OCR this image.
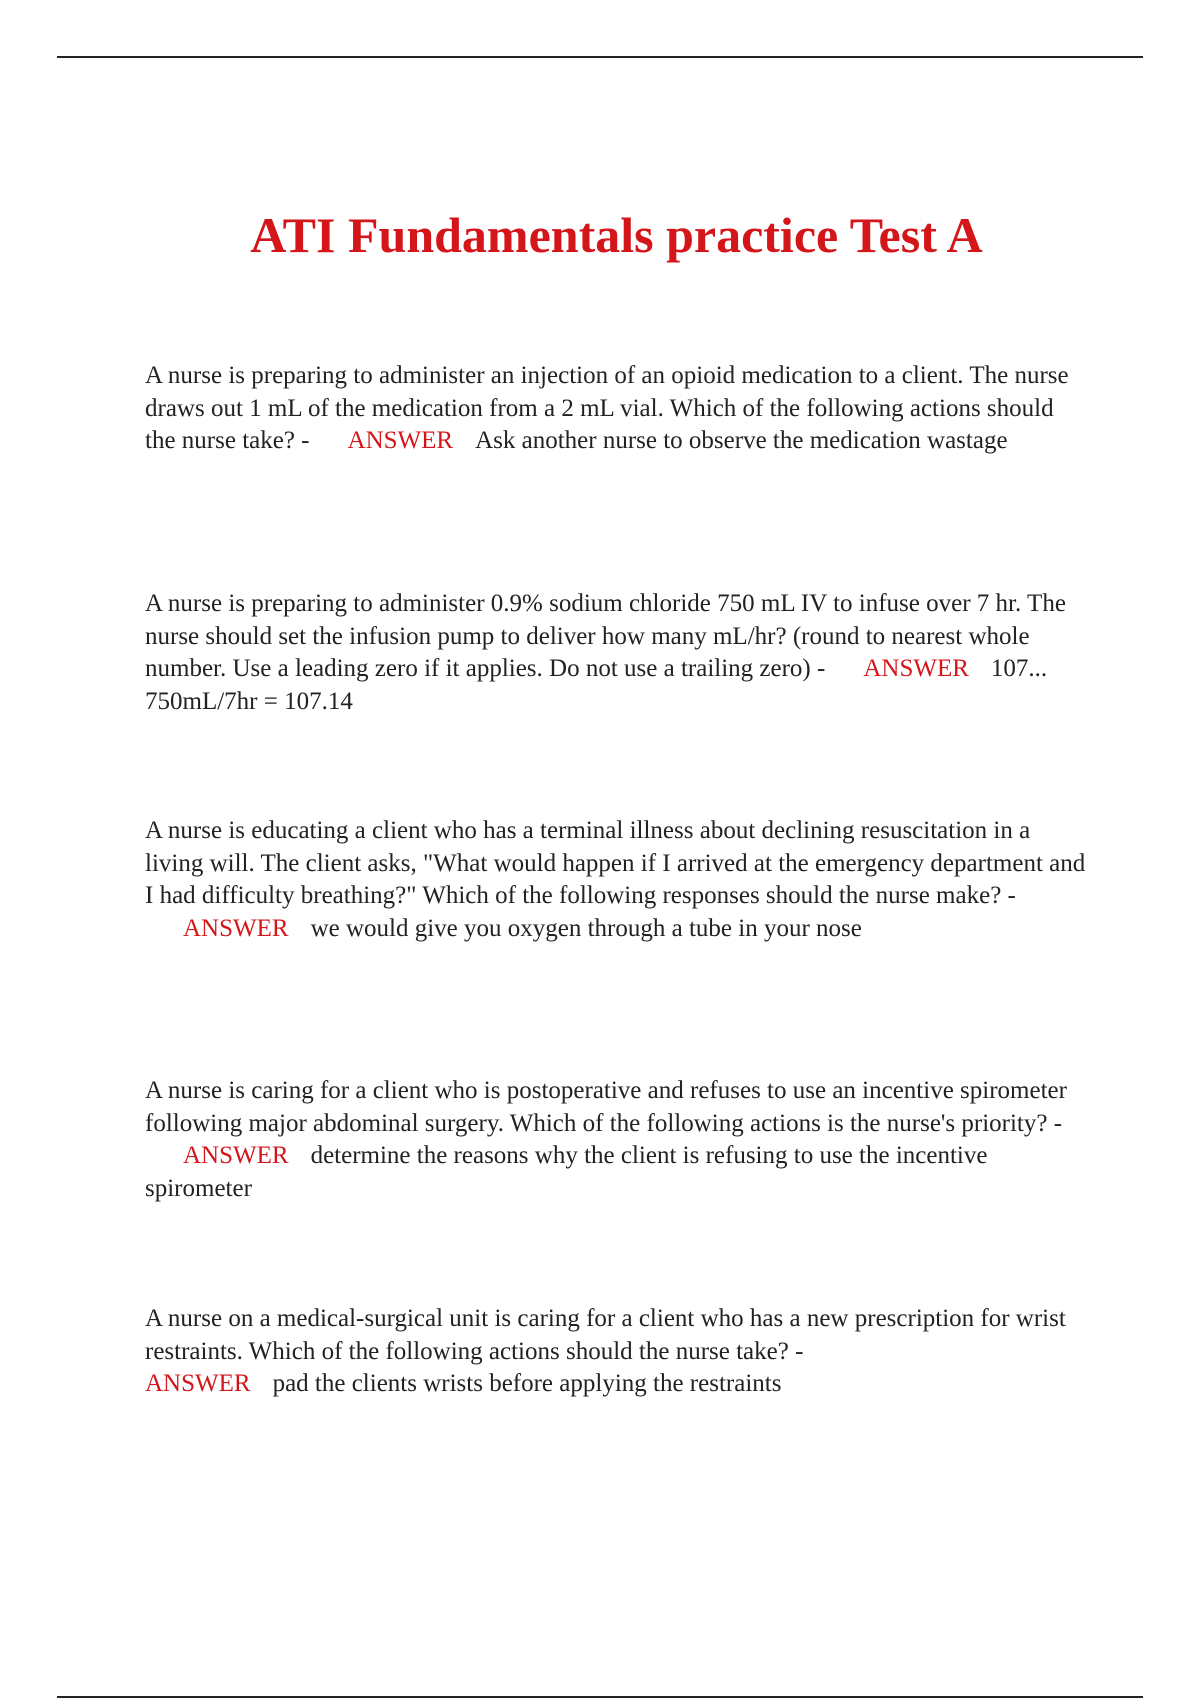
ATI Fundamentals practice Test A

A nurse is preparing to administer an injection of an opioid medication to a client. The nurse draws out 1 mL of the medication from a 2 mL vial. Which of the following actions should the nurse take? - ANSWER Ask another nurse to observe the medication wastage

A nurse is preparing to administer 0.9% sodium chloride 750 mL IV to infuse over 7 hr. The nurse should set the infusion pump to deliver how many mL/hr? (round to nearest whole number. Use a leading zero if it applies. Do not use a trailing zero) - ANSWER 107... 750mL/7hr = 107.14

A nurse is educating a client who has a terminal illness about declining resuscitation in a living will. The client asks, "What would happen if I arrived at the emergency department and I had difficulty breathing?" Which of the following responses should the nurse make? -ANSWER we would give you oxygen through a tube in your nose

A nurse is caring for a client who is postoperative and refuses to use an incentive spirometer following major abdominal surgery. Which of the following actions is the nurse's priority? -ANSWER determine the reasons why the client is refusing to use the incentive spirometer

A nurse on a medical-surgical unit is caring for a client who has a new prescription for wrist restraints. Which of the following actions should the nurse take? -
ANSWER pad the clients wrists before applying the restraints
